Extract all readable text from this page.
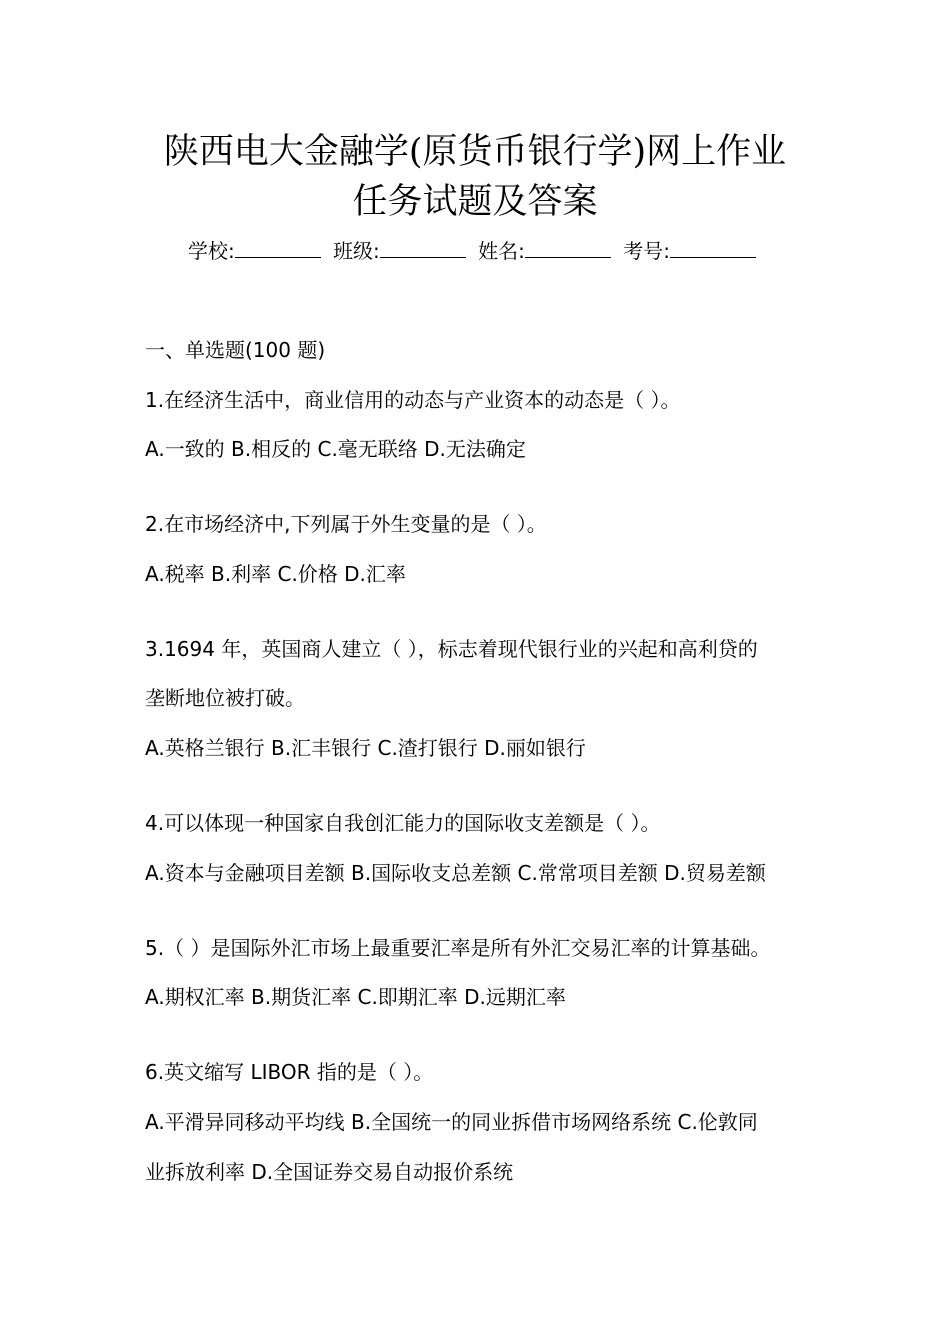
陕西电大金融学(原货币银行学)网上作业
任务试题及答案
学校:	班级:	姓名:	考号:
一、单选题(100 题)
1.在经济生活中，商业信用的动态与产业资本的动态是（ ）。
A.一致的 B.相反的 C.毫无联络 D.无法确定
2.在市场经济中,下列属于外生变量的是（ ）。
A.税率 B.利率 C.价格 D.汇率
3.1694 年，英国商人建立（ ），标志着现代银行业的兴起和高利贷的
垄断地位被打破。
A.英格兰银行 B.汇丰银行 C.渣打银行 D.丽如银行
4.可以体现一种国家自我创汇能力的国际收支差额是（ ）。
A.资本与金融项目差额 B.国际收支总差额 C.常常项目差额 D.贸易差额
5.（ ）是国际外汇市场上最重要汇率是所有外汇交易汇率的计算基础。
A.期权汇率 B.期货汇率 C.即期汇率 D.远期汇率
6.英文缩写 LIBOR 指的是（ ）。
A.平滑异同移动平均线 B.全国统一的同业拆借市场网络系统 C.伦敦同
业拆放利率 D.全国证券交易自动报价系统
